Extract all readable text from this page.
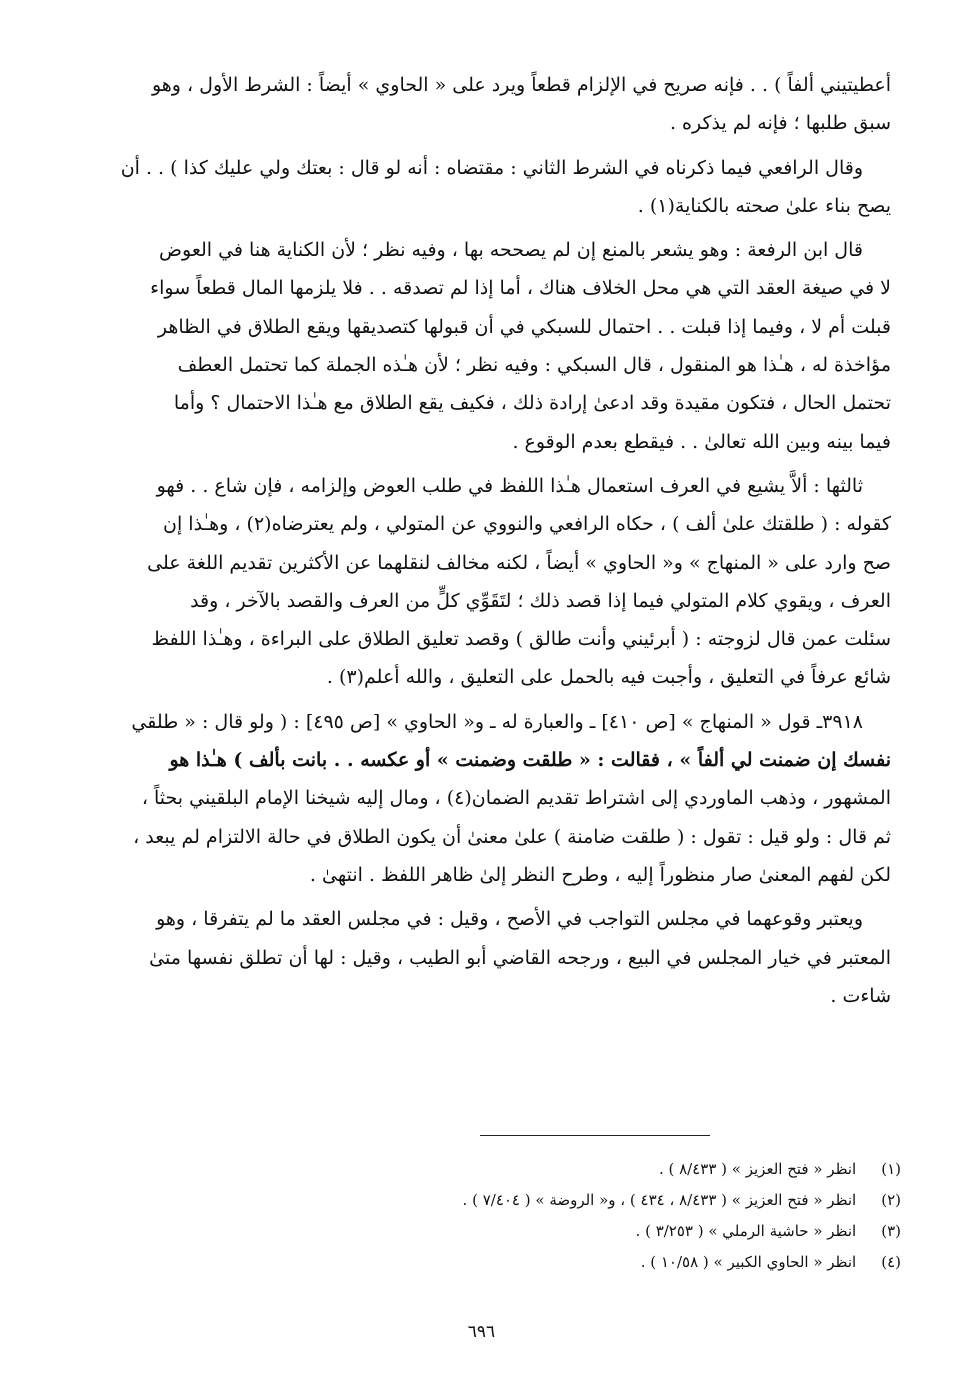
أعطيتيني ألفاً ) . . فإنه صريح في الإلزام قطعاً ويرد على « الحاوي » أيضاً : الشرط الأول ، وهو
سبق طلبها ؛ فإنه لم يذكره .

وقال الرافعي فيما ذكرناه في الشرط الثاني : مقتضاه : أنه لو قال : بعتك ولي عليك كذا ) . . أن
يصح بناء علىٰ صحته بالكناية(١) .

قال ابن الرفعة : وهو يشعر بالمنع إن لم يصححه بها ، وفيه نظر ؛ لأن الكناية هنا في العوض
لا في صيغة العقد التي هي محل الخلاف هناك ، أما إذا لم تصدقه . . فلا يلزمها المال قطعاً سواء
قبلت أم لا ، وفيما إذا قبلت . . احتمال للسبكي في أن قبولها كتصديقها ويقع الطلاق في الظاهر
مؤاخذة له ، هـٰذا هو المنقول ، قال السبكي : وفيه نظر ؛ لأن هـٰذه الجملة كما تحتمل العطف
تحتمل الحال ، فتكون مقيدة وقد ادعىٰ إرادة ذلك ، فكيف يقع الطلاق مع هـٰذا الاحتمال ؟ وأما
فيما بينه وبين الله تعالىٰ . . فيقطع بعدم الوقوع .

ثالثها : ألاَّ يشيع في العرف استعمال هـٰذا اللفظ في طلب العوض وإلزامه ، فإن شاع . . فهو
كقوله : ( طلقتك علىٰ ألف ) ، حكاه الرافعي والنووي عن المتولي ، ولم يعترضاه(٢) ، وهـٰذا إن
صح وارد على « المنهاج » و« الحاوي » أيضاً ، لكنه مخالف لنقلهما عن الأكثرين تقديم اللغة على
العرف ، ويقوي كلام المتولي فيما إذا قصد ذلك ؛ لتَقَوِّي كلٍّ من العرف والقصد بالآخر ، وقد
سئلت عمن قال لزوجته : ( أبرئيني وأنت طالق ) وقصد تعليق الطلاق على البراءة ، وهـٰذا اللفظ
شائع عرفاً في التعليق ، وأجبت فيه بالحمل على التعليق ، والله أعلم(٣) .

٣٩١٨ـ قول « المنهاج » [ص ٤١٠] ـ والعبارة له ـ و« الحاوي » [ص ٤٩٥] : ( ولو قال : « طلقي
نفسك إن ضمنت لي ألفاً » ، فقالت : « طلقت وضمنت » أو عكسه . . بانت بألف ) هـٰذا هو
المشهور ، وذهب الماوردي إلى اشتراط تقديم الضمان(٤) ، ومال إليه شيخنا الإمام البلقيني بحثاً ،
ثم قال : ولو قيل : تقول : ( طلقت ضامنة ) علىٰ معنىٰ أن يكون الطلاق في حالة الالتزام لم يبعد ،
لكن لفهم المعنىٰ صار منظوراً إليه ، وطرح النظر إلىٰ ظاهر اللفظ . انتهىٰ .

ويعتبر وقوعهما في مجلس التواجب في الأصح ، وقيل : في مجلس العقد ما لم يتفرقا ، وهو
المعتبر في خيار المجلس في البيع ، ورجحه القاضي أبو الطيب ، وقيل : لها أن تطلق نفسها متىٰ
شاءت .

(١) انظر « فتح العزيز » ( ٨/٤٣٣ ) .
(٢) انظر « فتح العزيز » ( ٨/٤٣٣ ، ٤٣٤ ) ، و« الروضة » ( ٧/٤٠٤ ) .
(٣) انظر « حاشية الرملي » ( ٣/٢٥٣ ) .
(٤) انظر « الحاوي الكبير » ( ١٠/٥٨ ) .
٦٩٦
